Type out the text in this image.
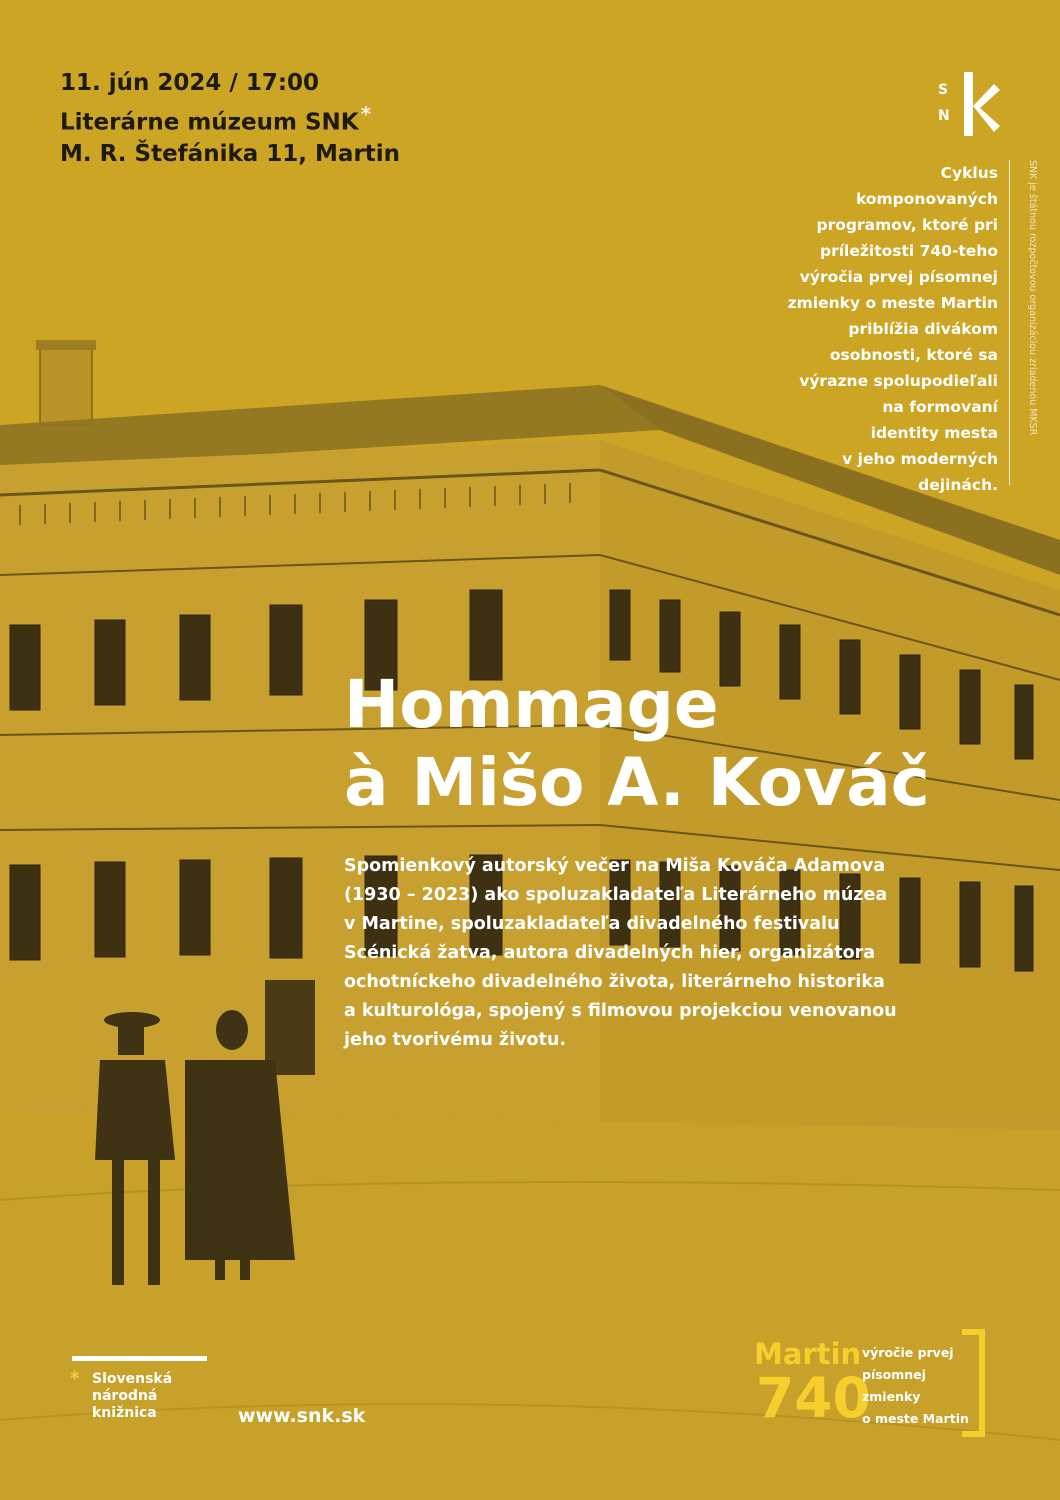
11. jún 2024 / 17:00
Literárne múzeum SNK *
M. R. Štefánika 11, Martin
S
N
Cyklus
komponovaných
programov, ktoré pri
príležitosti 740-teho
výročia prvej písomnej
zmienky o meste Martin
priblížia divákom
osobnosti, ktoré sa
výrazne spolupodieľali
na formovaní
identity mesta
v jeho moderných
dejinách.
SNK je štátnou rozpočtovou organizáciou zriadenou MKSR
Hommage
à Mišo A. Kováč
Spomienkový autorský večer na Miša Kováča Adamova
(1930 – 2023) ako spoluzakladateľa Literárneho múzea
v Martine, spoluzakladateľa divadelného festivalu
Scénická žatva, autora divadelných hier, organizátora
ochotníckeho divadelného života, literárneho historika
a kulturológa, spojený s filmovou projekciou venovanou
jeho tvorivému životu.
* Slovenská
národná
knižnica	www.snk.sk
Martin
740
výročie prvej
písomnej
zmienky
o meste Martin
